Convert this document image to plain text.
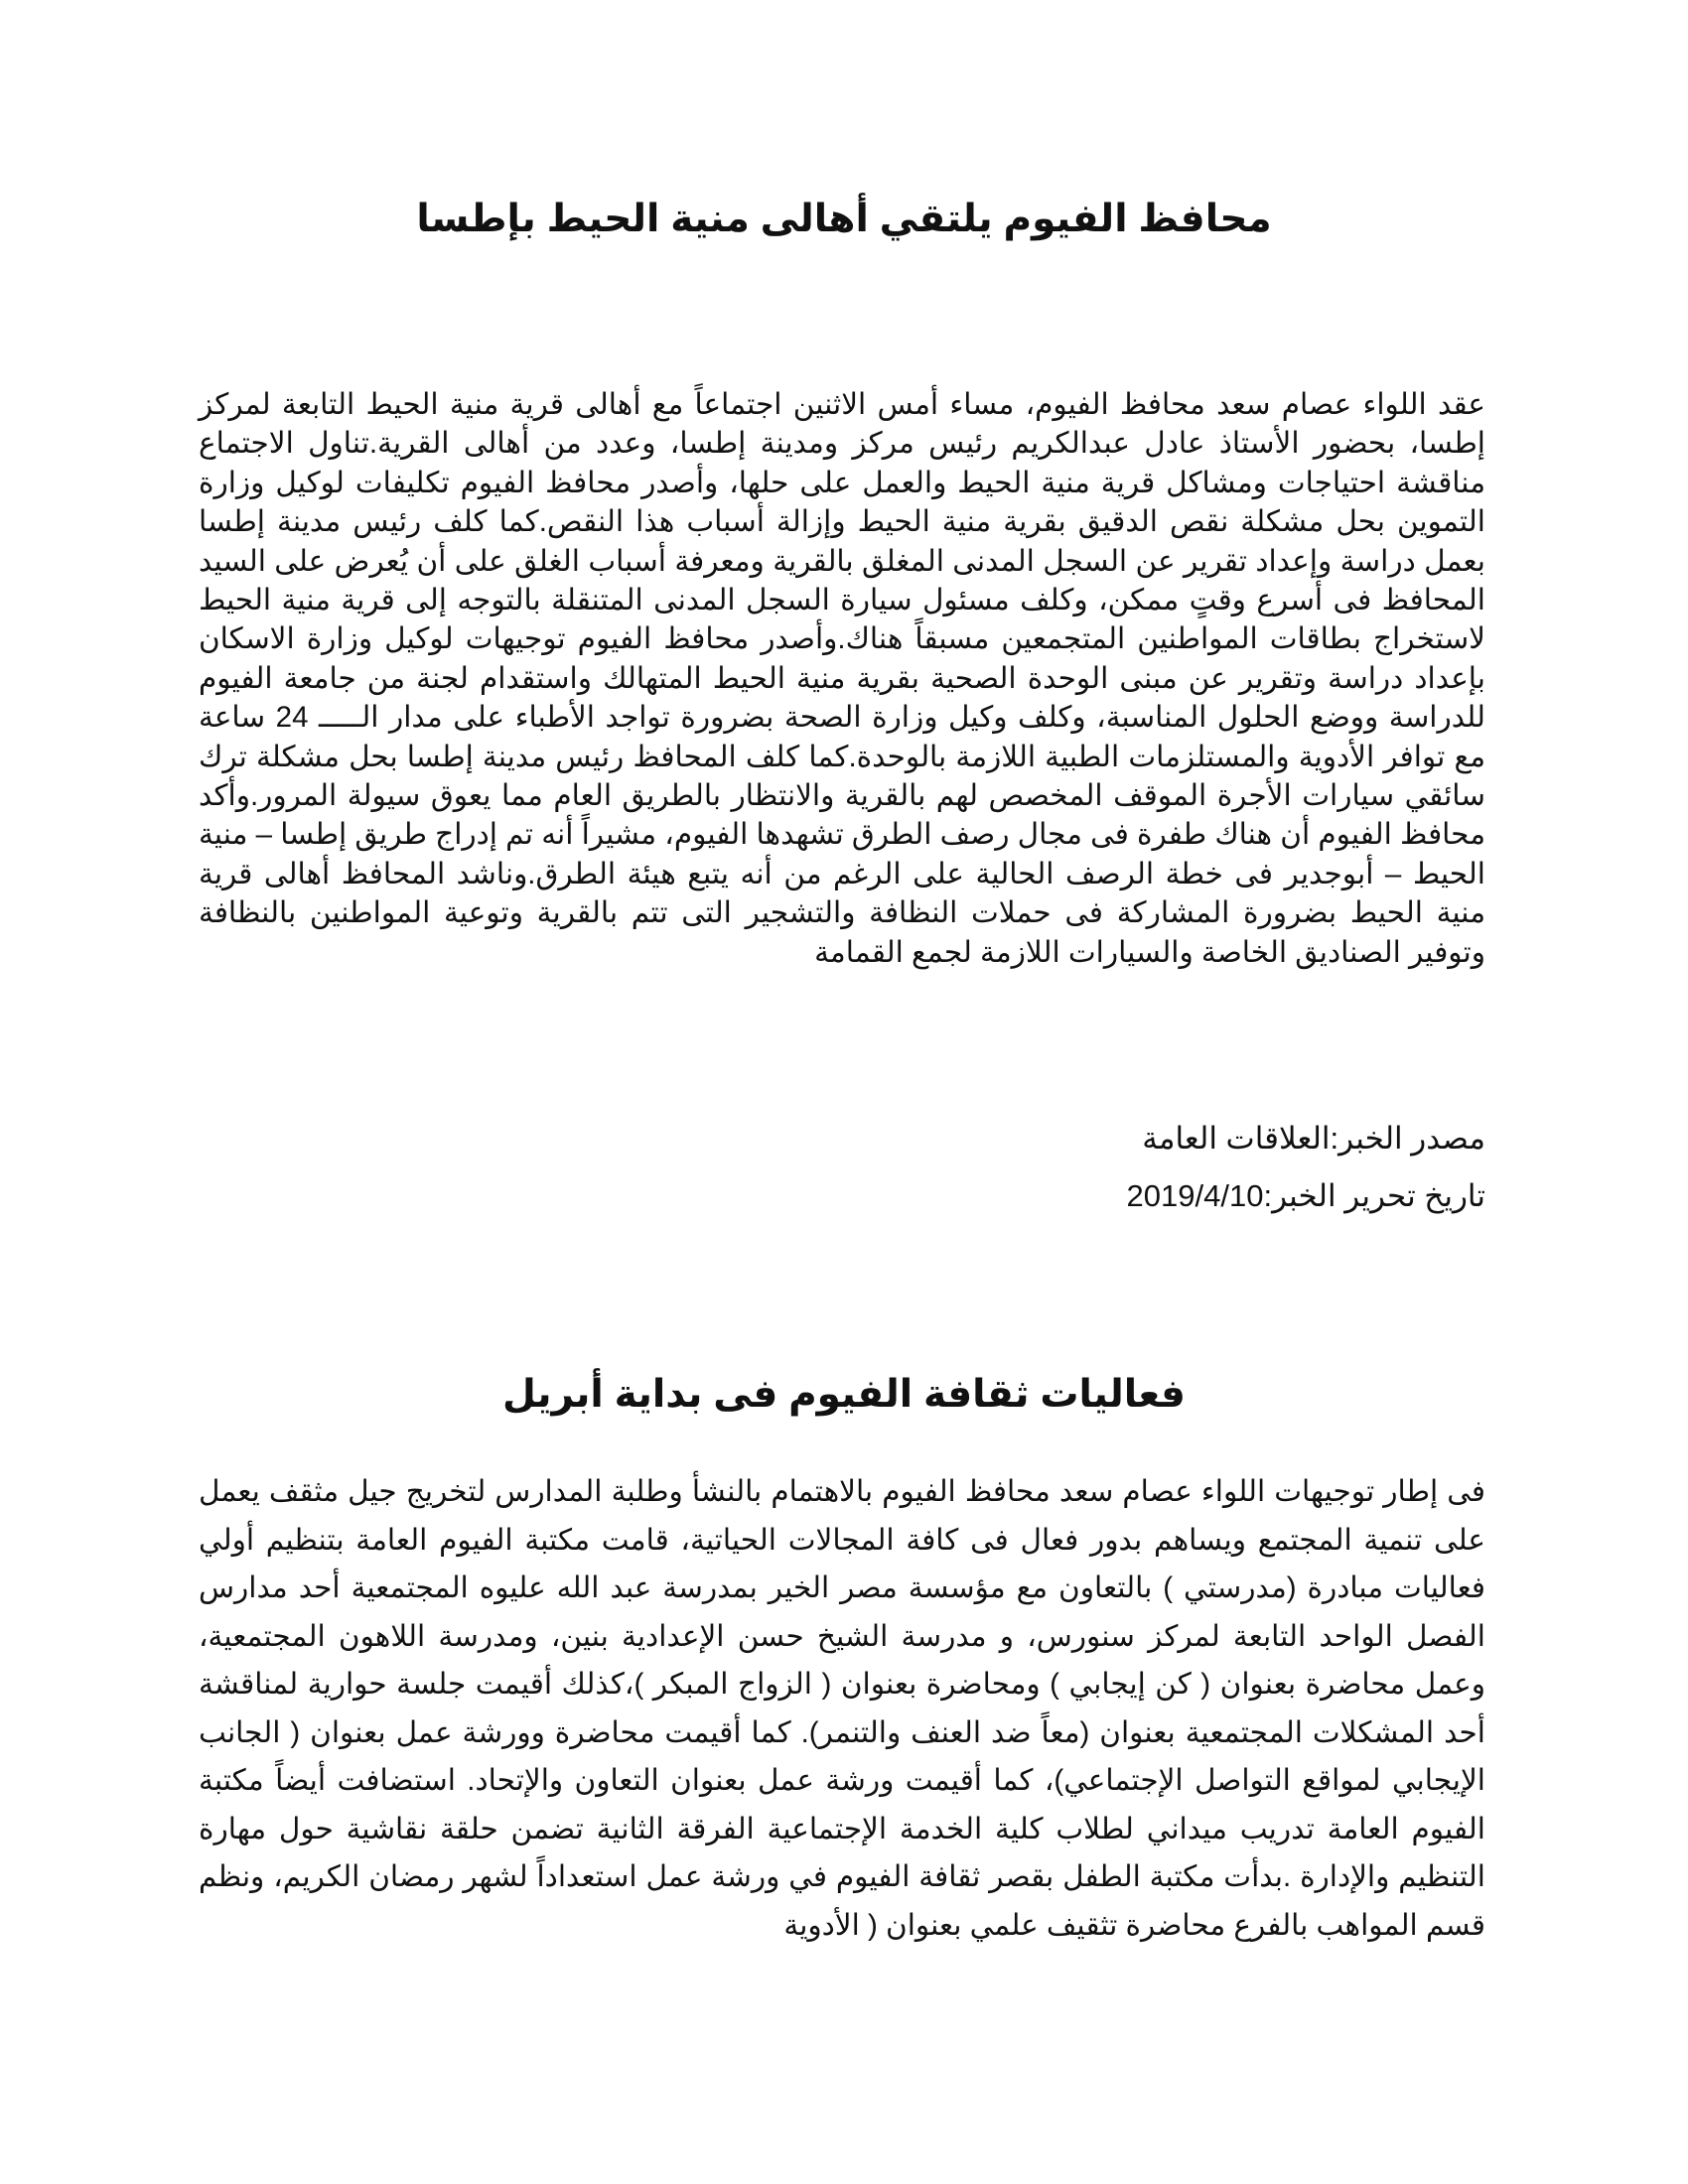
محافظ الفيوم يلتقي أهالى منية الحيط بإطسا

عقد اللواء عصام سعد محافظ الفيوم، مساء أمس الاثنين اجتماعاً مع أهالى قرية منية الحيط التابعة لمركز إطسا، بحضور الأستاذ عادل عبدالكريم رئيس مركز ومدينة إطسا، وعدد من أهالى القرية.تناول الاجتماع مناقشة احتياجات ومشاكل قرية منية الحيط والعمل على حلها، وأصدر محافظ الفيوم تكليفات لوكيل وزارة التموين بحل مشكلة نقص الدقيق بقرية منية الحيط وإزالة أسباب هذا النقص.كما كلف رئيس مدينة إطسا بعمل دراسة وإعداد تقرير عن السجل المدنى المغلق بالقرية ومعرفة أسباب الغلق على أن يُعرض على السيد المحافظ فى أسرع وقتٍ ممكن، وكلف مسئول سيارة السجل المدنى المتنقلة بالتوجه إلى قرية منية الحيط لاستخراج بطاقات المواطنين المتجمعين مسبقاً هناك.وأصدر محافظ الفيوم توجيهات لوكيل وزارة الاسكان بإعداد دراسة وتقرير عن مبنى الوحدة الصحية بقرية منية الحيط المتهالك واستقدام لجنة من جامعة الفيوم للدراسة ووضع الحلول المناسبة، وكلف وكيل وزارة الصحة بضرورة تواجد الأطباء على مدار الـــــ 24 ساعة مع توافر الأدوية والمستلزمات الطبية اللازمة بالوحدة.كما كلف المحافظ رئيس مدينة إطسا بحل مشكلة ترك سائقي سيارات الأجرة الموقف المخصص لهم بالقرية والانتظار بالطريق العام مما يعوق سيولة المرور.وأكد محافظ الفيوم أن هناك طفرة فى مجال رصف الطرق تشهدها الفيوم، مشيراً أنه تم إدراج طريق إطسا – منية الحيط – أبوجدير فى خطة الرصف الحالية على الرغم من أنه يتبع هيئة الطرق.وناشد المحافظ أهالى قرية منية الحيط بضرورة المشاركة فى حملات النظافة والتشجير التى تتم بالقرية وتوعية المواطنين بالنظافة وتوفير الصناديق الخاصة والسيارات اللازمة لجمع القمامة

مصدر الخبر:العلاقات العامة

تاريخ تحرير الخبر:2019/4/10

فعاليات ثقافة الفيوم فى بداية أبريل

فى إطار توجيهات اللواء عصام سعد محافظ الفيوم بالاهتمام بالنشأ وطلبة المدارس لتخريج جيل مثقف يعمل على تنمية المجتمع ويساهم بدور فعال فى كافة المجالات الحياتية، قامت مكتبة الفيوم العامة بتنظيم أولي فعاليات مبادرة (مدرستي ) بالتعاون مع مؤسسة مصر الخير بمدرسة عبد الله عليوه المجتمعية أحد مدارس الفصل الواحد التابعة لمركز سنورس، و مدرسة الشيخ حسن الإعدادية بنين، ومدرسة اللاهون المجتمعية، وعمل محاضرة بعنوان ( كن إيجابي ) ومحاضرة بعنوان ( الزواج المبكر )،كذلك أقيمت جلسة حوارية لمناقشة أحد المشكلات المجتمعية بعنوان (معاً ضد العنف والتنمر). كما أقيمت محاضرة وورشة عمل بعنوان ( الجانب الإيجابي لمواقع التواصل الإجتماعي)، كما أقيمت ورشة عمل بعنوان التعاون والإتحاد. استضافت أيضاً مكتبة الفيوم العامة تدريب ميداني لطلاب كلية الخدمة الإجتماعية الفرقة الثانية تضمن حلقة نقاشية حول مهارة التنظيم والإدارة .بدأت مكتبة الطفل بقصر ثقافة الفيوم في ورشة عمل استعداداً لشهر رمضان الكريم، ونظم قسم المواهب بالفرع محاضرة تثقيف علمي بعنوان ( الأدوية
